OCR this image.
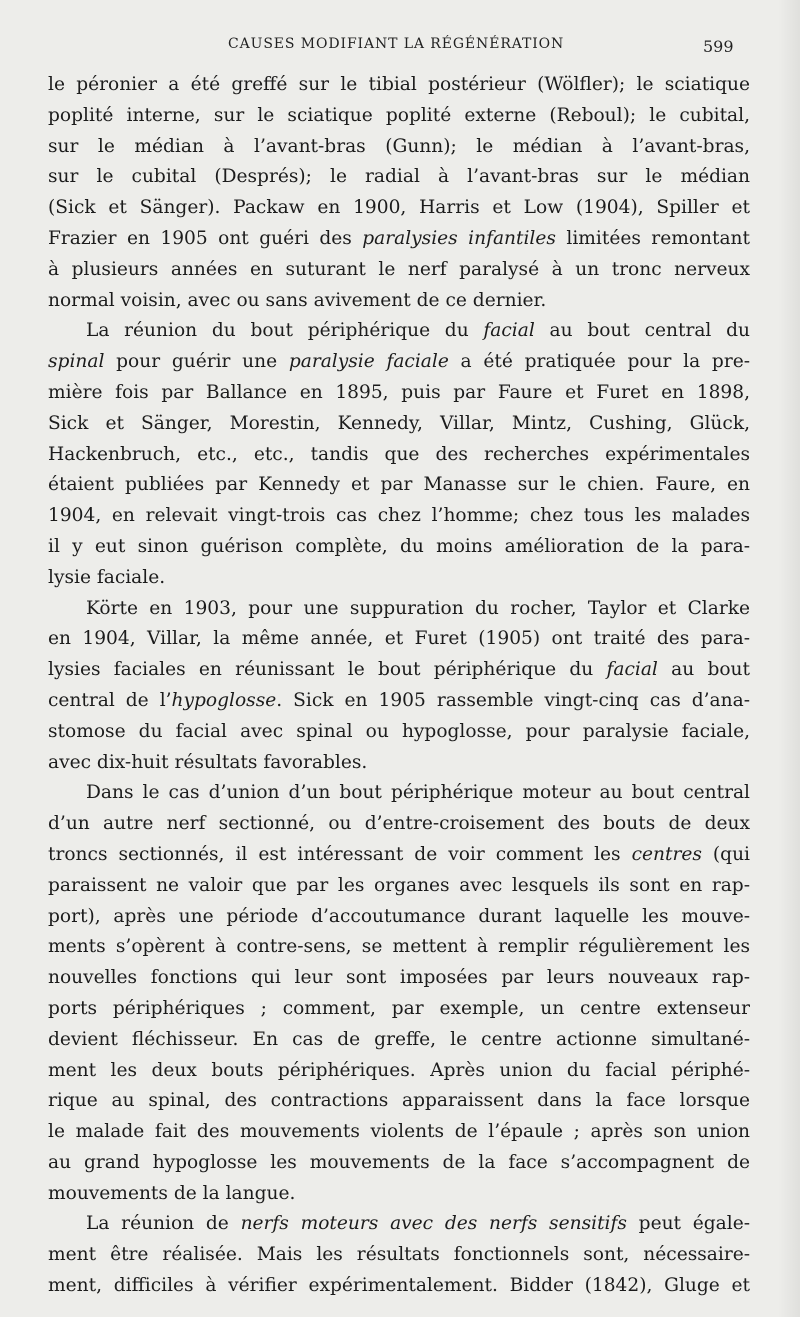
CAUSES MODIFIANT LA RÉGÉNÉRATION	599
le péronier a été greffé sur le tibial postérieur (Wölfler); le sciatique
poplité interne, sur le sciatique poplité externe (Reboul); le cubital,
sur le médian à l’avant-bras (Gunn); le médian à l’avant-bras,
sur le cubital (Després); le radial à l’avant-bras sur le médian
(Sick et Sänger). Packaw en 1900, Harris et Low (1904), Spiller et
Frazier en 1905 ont guéri des paralysies infantiles limitées remontant
à plusieurs années en suturant le nerf paralysé à un tronc nerveux
normal voisin, avec ou sans avivement de ce dernier.
La réunion du bout périphérique du facial au bout central du
spinal pour guérir une paralysie faciale a été pratiquée pour la pre-
mière fois par Ballance en 1895, puis par Faure et Furet en 1898,
Sick et Sänger, Morestin, Kennedy, Villar, Mintz, Cushing, Glück,
Hackenbruch, etc., etc., tandis que des recherches expérimentales
étaient publiées par Kennedy et par Manasse sur le chien. Faure, en
1904, en relevait vingt-trois cas chez l’homme; chez tous les malades
il y eut sinon guérison complète, du moins amélioration de la para-
lysie faciale.
Körte en 1903, pour une suppuration du rocher, Taylor et Clarke
en 1904, Villar, la même année, et Furet (1905) ont traité des para-
lysies faciales en réunissant le bout périphérique du facial au bout
central de l’hypoglosse. Sick en 1905 rassemble vingt-cinq cas d’ana-
stomose du facial avec spinal ou hypoglosse, pour paralysie faciale,
avec dix-huit résultats favorables.
Dans le cas d’union d’un bout périphérique moteur au bout central
d’un autre nerf sectionné, ou d’entre-croisement des bouts de deux
troncs sectionnés, il est intéressant de voir comment les centres (qui
paraissent ne valoir que par les organes avec lesquels ils sont en rap-
port), après une période d’accoutumance durant laquelle les mouve-
ments s’opèrent à contre-sens, se mettent à remplir régulièrement les
nouvelles fonctions qui leur sont imposées par leurs nouveaux rap-
ports périphériques ; comment, par exemple, un centre extenseur
devient fléchisseur. En cas de greffe, le centre actionne simultané-
ment les deux bouts périphériques. Après union du facial périphé-
rique au spinal, des contractions apparaissent dans la face lorsque
le malade fait des mouvements violents de l’épaule ; après son union
au grand hypoglosse les mouvements de la face s’accompagnent de
mouvements de la langue.
La réunion de nerfs moteurs avec des nerfs sensitifs peut égale-
ment être réalisée. Mais les résultats fonctionnels sont, nécessaire-
ment, difficiles à vérifier expérimentalement. Bidder (1842), Gluge et
